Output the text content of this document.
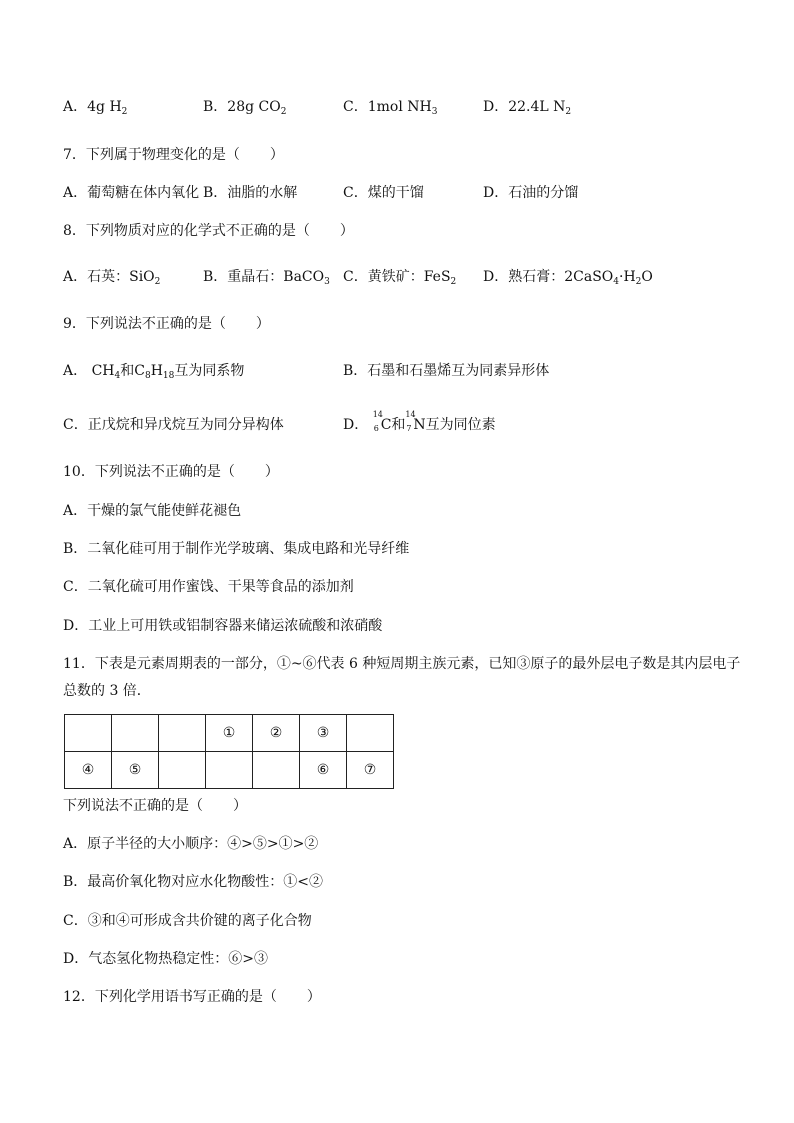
A．4g $H_2$	B．28g $CO_2$	C．1mol $NH_3$	D．22.4L $N_2$
7．下列属于物理变化的是（ ）
A．葡萄糖在体内氧化 B．油脂的水解	C．煤的干馏	D．石油的分馏
8．下列物质对应的化学式不正确的是（ ）
A．石英：SiO$_2$	B．重晶石：BaCO$_3$ C．黄铁矿：FeS$_2$ D．熟石膏：$2CaSO_4\cdot H_2O$
9．下列说法不正确的是（ ）
A． $CH_4$和$C_8H_{18}$互为同系物	B．石墨和石墨烯互为同素异形体
C．正戊烷和异戊烷互为同分异构体	D．
14
6 C和
14
7 N互为同位素
10．下列说法不正确的是（ ）
A．干燥的氯气能使鲜花褪色
B．二氧化硅可用于制作光学玻璃、集成电路和光导纤维
C．二氧化硫可用作蜜饯、干果等食品的添加剂
D．工业上可用铁或铝制容器来储运浓硫酸和浓硝酸
11．下表是元素周期表的一部分，①~⑥代表 6 种短周期主族元素，已知③原子的最外层电子数是其内层电子
总数的 3 倍．
			①	②	③	
④	⑤				⑥	⑦
下列说法不正确的是（ ）
A．原子半径的大小顺序：④>⑤>①>②
B．最高价氧化物对应水化物酸性：①<②
C．③和④可形成含共价键的离子化合物
D．气态氢化物热稳定性：⑥>③
12．下列化学用语书写正确的是（ ）
